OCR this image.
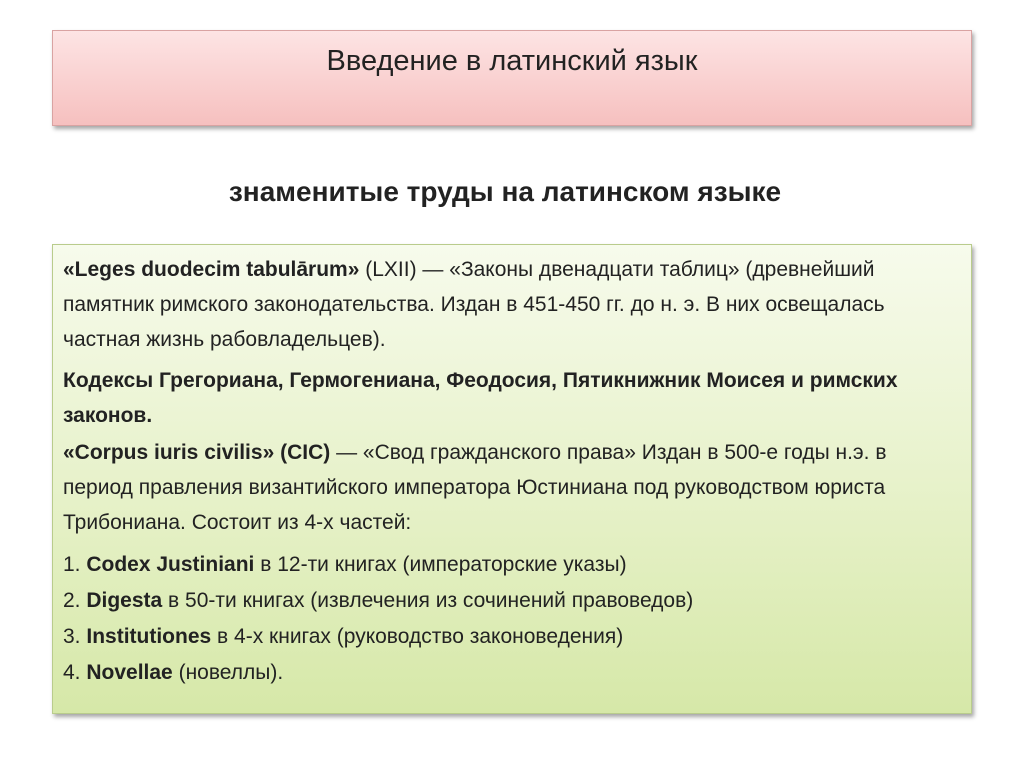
Введение в латинский язык
знаменитые труды на латинском языке
«Leges duodecim tabulārum» (LXII) — «Законы двенадцати таблиц» (древнейший памятник римского законодательства. Издан в 451-450 гг. до н. э. В них освещалась частная жизнь рабовладельцев).
Кодексы Грегориана, Гермогениана, Феодосия, Пятикнижник Моисея и римских законов.
«Corpus iuris civilis» (CIC) — «Свод гражданского права» Издан в 500-е годы н.э. в период правления византийского императора Юстиниана под руководством юриста Трибониана. Состоит из 4-х частей:
1. Codex Justiniani в 12-ти книгах (императорские указы)
2. Digesta в 50-ти книгах (извлечения из сочинений правоведов)
3. Institutiones в 4-х книгах (руководство законоведения)
4. Novellae (новеллы).
